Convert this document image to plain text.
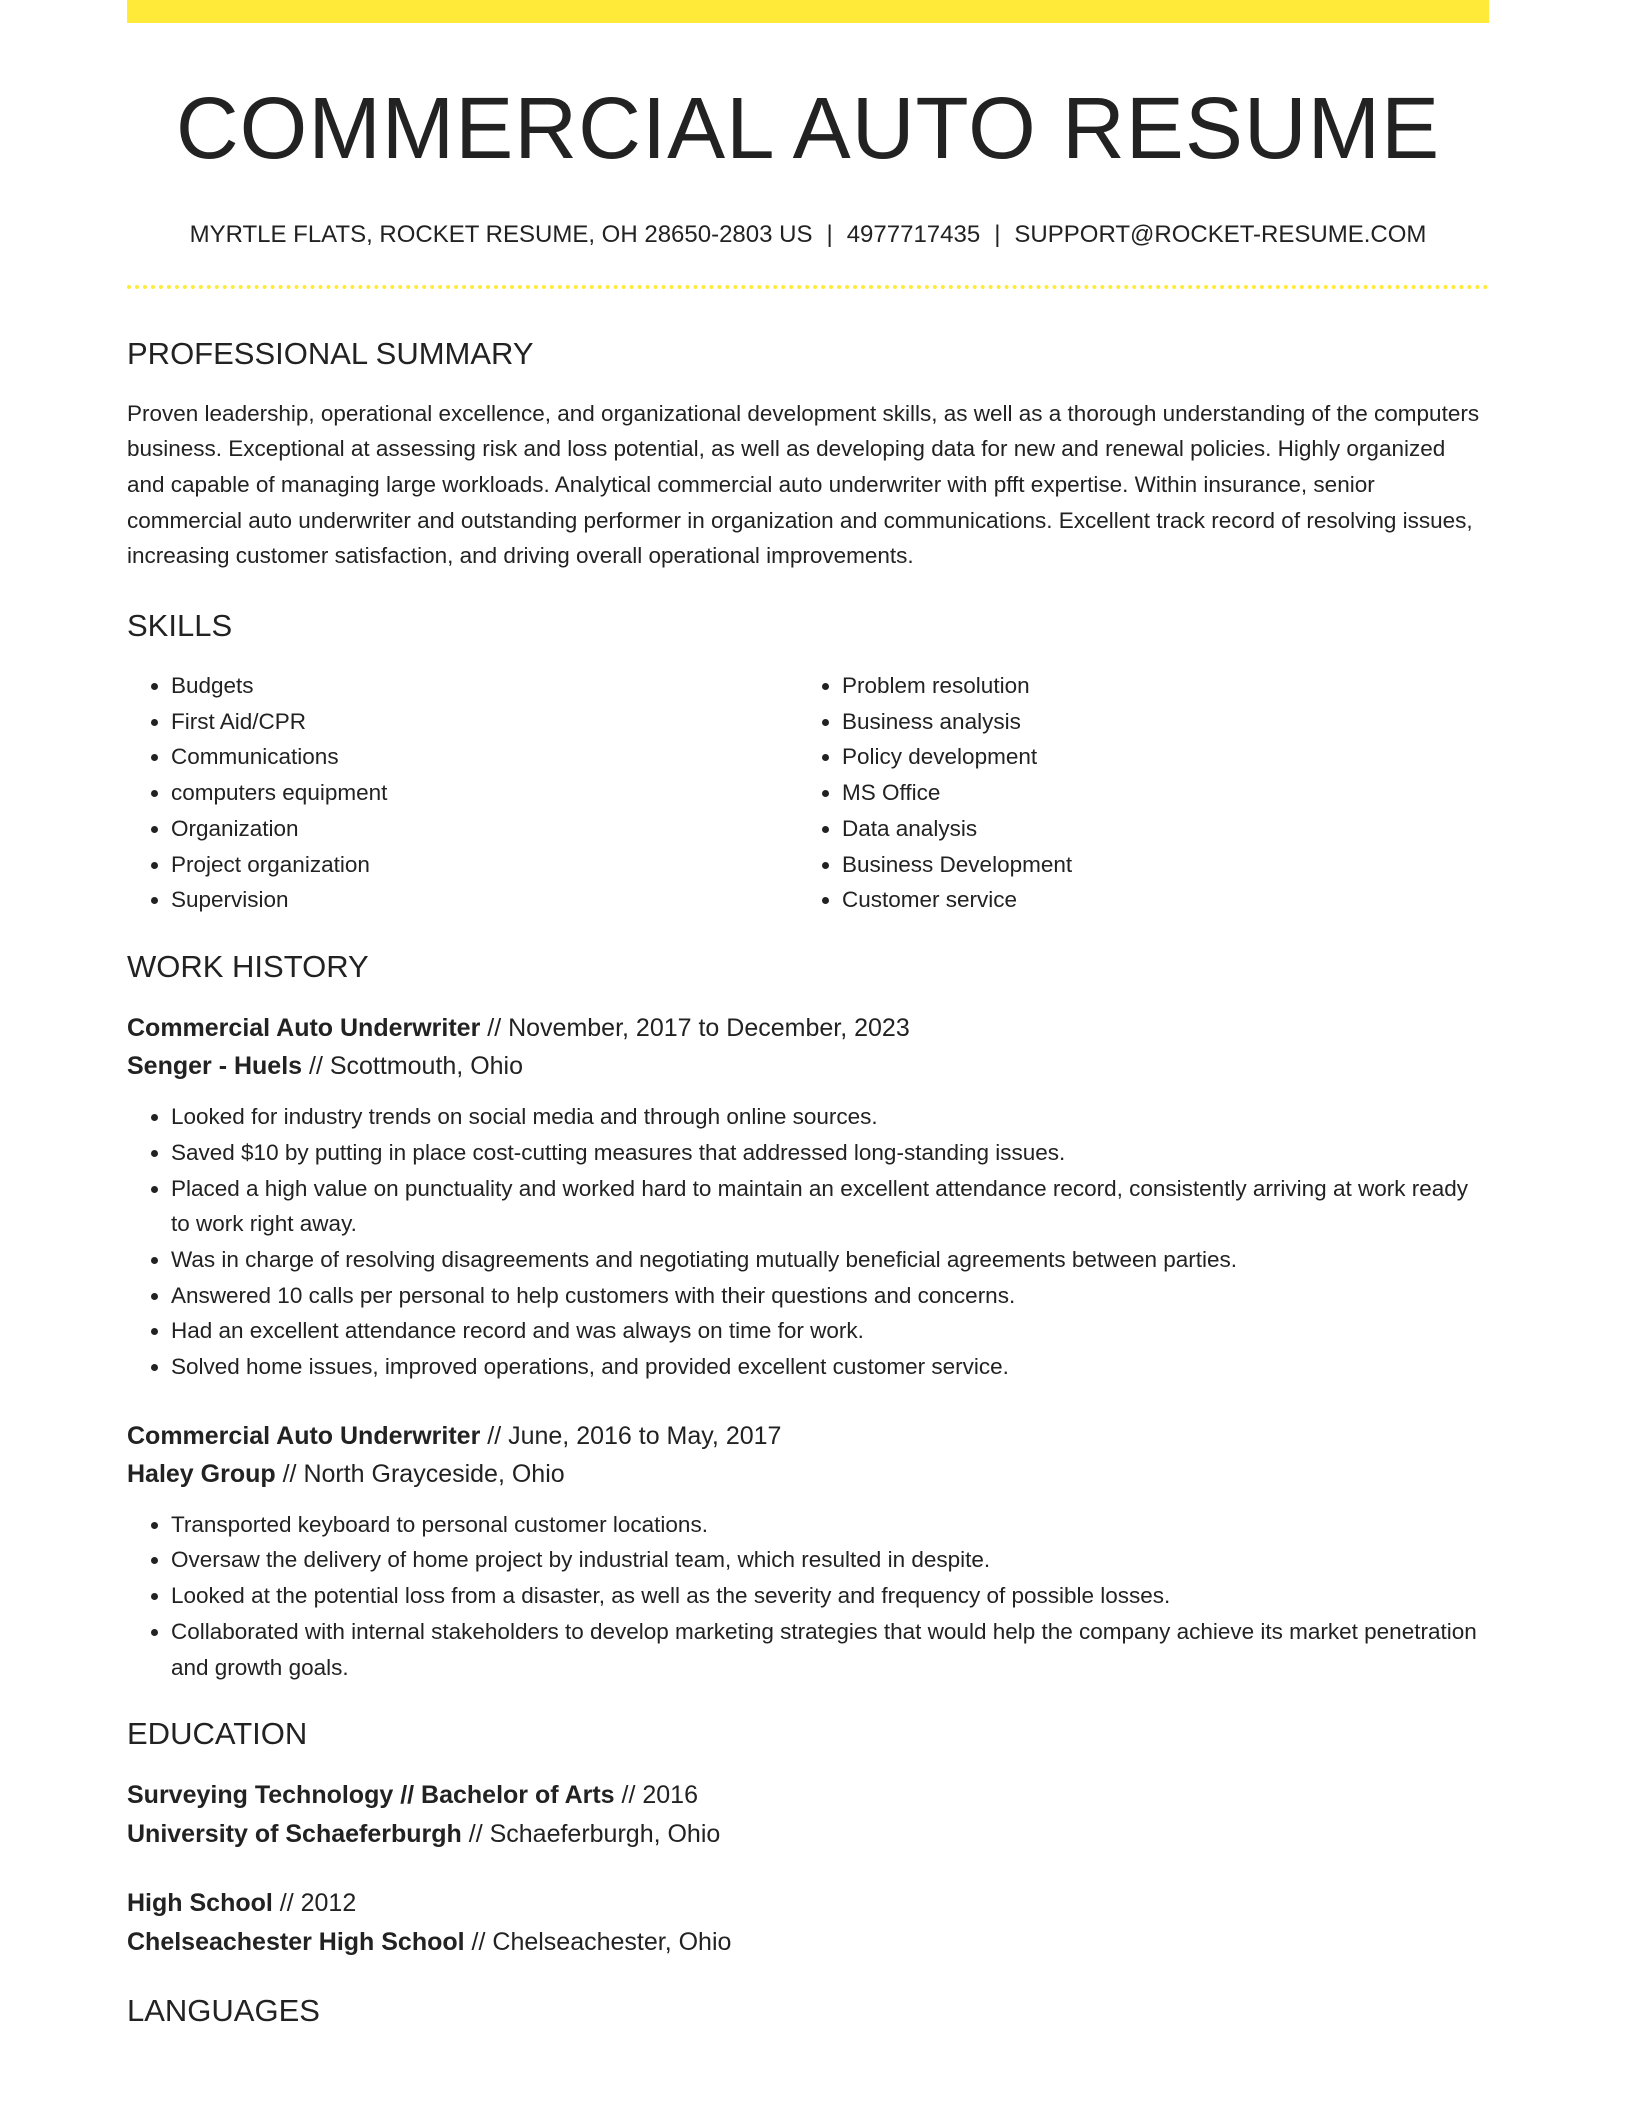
COMMERCIAL AUTO RESUME
MYRTLE FLATS, ROCKET RESUME, OH 28650-2803 US | 4977717435 | SUPPORT@ROCKET-RESUME.COM
PROFESSIONAL SUMMARY

Proven leadership, operational excellence, and organizational development skills, as well as a thorough understanding of the computers business. Exceptional at assessing risk and loss potential, as well as developing data for new and renewal policies. Highly organized and capable of managing large workloads. Analytical commercial auto underwriter with pfft expertise. Within insurance, senior commercial auto underwriter and outstanding performer in organization and communications. Excellent track record of resolving issues, increasing customer satisfaction, and driving overall operational improvements.

SKILLS
• Budgets
• First Aid/CPR
• Communications
• computers equipment
• Organization
• Project organization
• Supervision
• Problem resolution
• Business analysis
• Policy development
• MS Office
• Data analysis
• Business Development
• Customer service
WORK HISTORY
Commercial Auto Underwriter // November, 2017 to December, 2023
Senger - Huels // Scottmouth, Ohio
• Looked for industry trends on social media and through online sources.
• Saved $10 by putting in place cost-cutting measures that addressed long-standing issues.
• Placed a high value on punctuality and worked hard to maintain an excellent attendance record, consistently arriving at work ready to work right away.
• Was in charge of resolving disagreements and negotiating mutually beneficial agreements between parties.
• Answered 10 calls per personal to help customers with their questions and concerns.
• Had an excellent attendance record and was always on time for work.
• Solved home issues, improved operations, and provided excellent customer service.
Commercial Auto Underwriter // June, 2016 to May, 2017
Haley Group // North Grayceside, Ohio
• Transported keyboard to personal customer locations.
• Oversaw the delivery of home project by industrial team, which resulted in despite.
• Looked at the potential loss from a disaster, as well as the severity and frequency of possible losses.
• Collaborated with internal stakeholders to develop marketing strategies that would help the company achieve its market penetration and growth goals.
EDUCATION
Surveying Technology // Bachelor of Arts // 2016
University of Schaeferburgh // Schaeferburgh, Ohio
High School // 2012
Chelseachester High School // Chelseachester, Ohio
LANGUAGES
